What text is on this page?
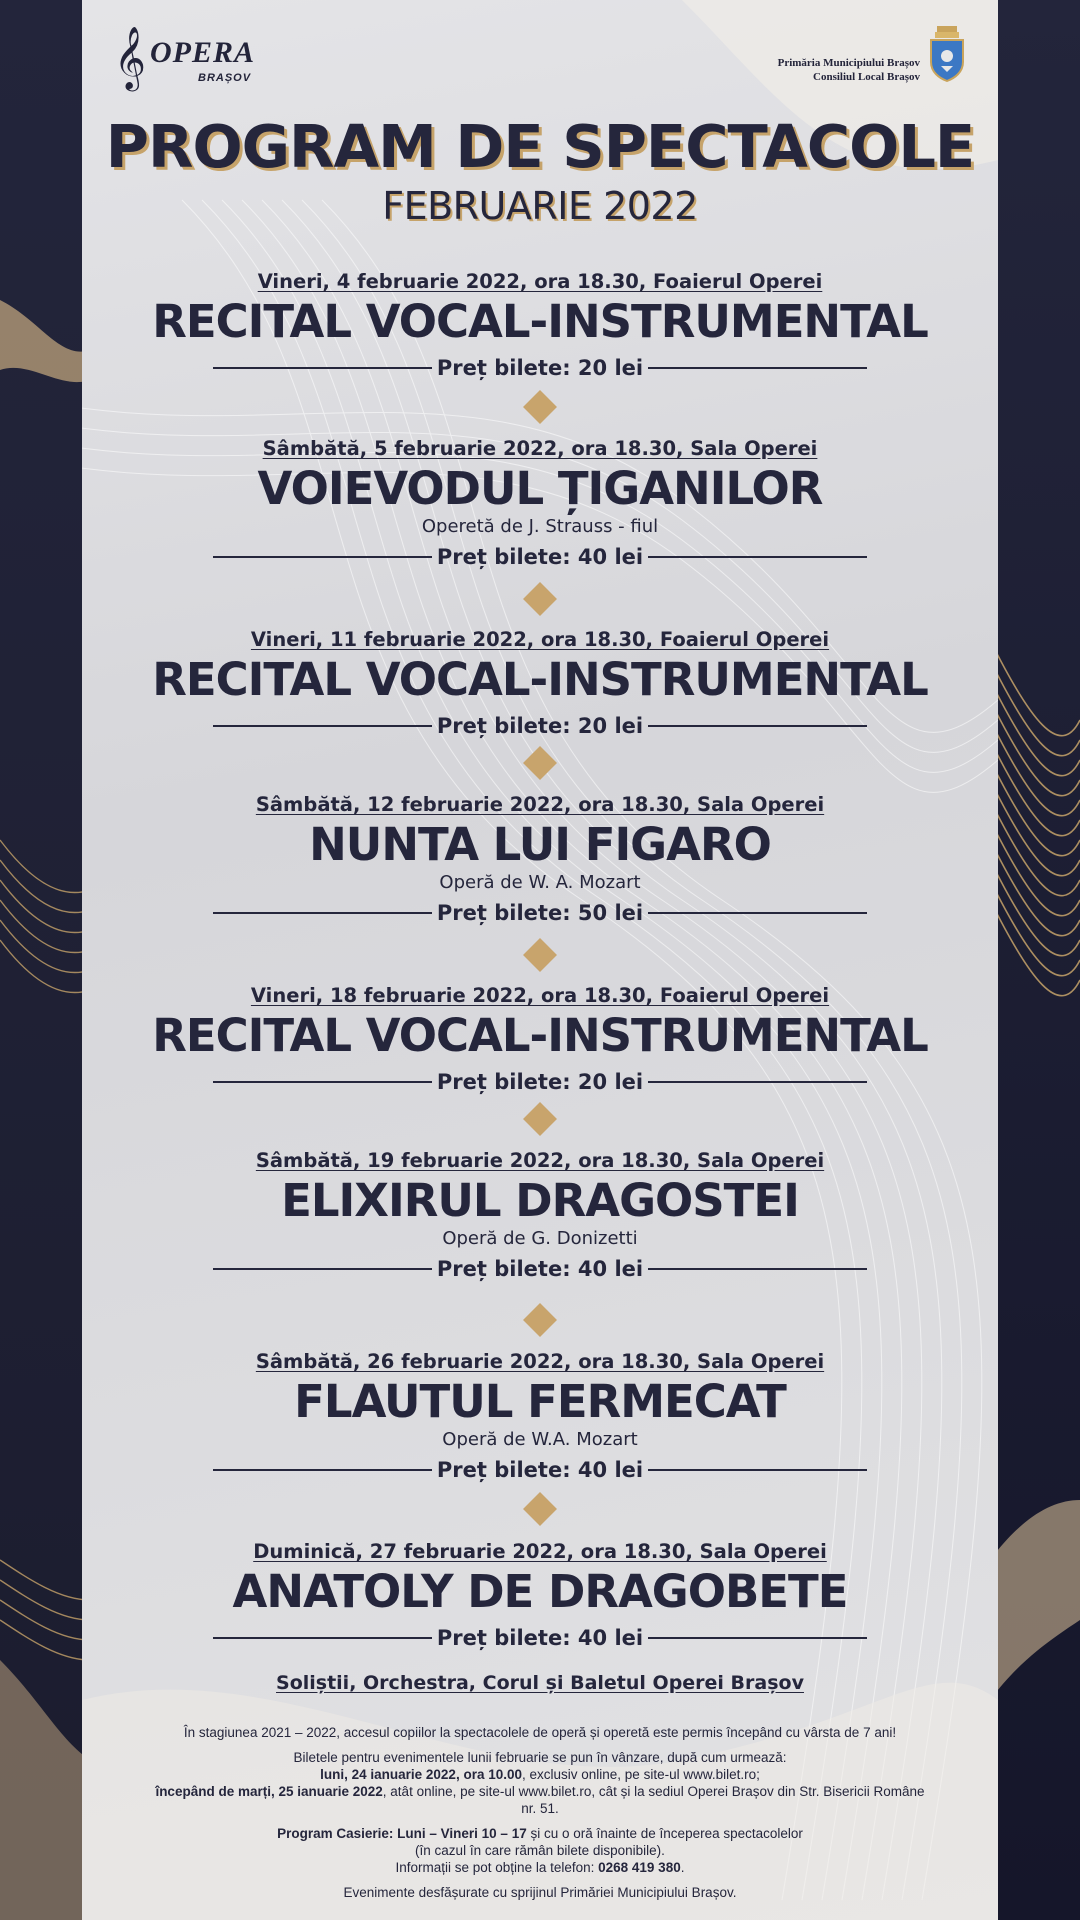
𝄞 OPERA
BRAȘOV
Primăria Municipiului Brașov
Consiliul Local Brașov
PROGRAM DE SPECTACOLE
FEBRUARIE 2022
Vineri, 4 februarie 2022, ora 18.30, Foaierul Operei
RECITAL VOCAL-INSTRUMENTAL
Preț bilete: 20 lei
Sâmbătă, 5 februarie 2022, ora 18.30, Sala Operei
VOIEVODUL ȚIGANILOR
Operetă de J. Strauss - fiul
Preț bilete: 40 lei
Vineri, 11 februarie 2022, ora 18.30, Foaierul Operei
RECITAL VOCAL-INSTRUMENTAL
Preț bilete: 20 lei
Sâmbătă, 12 februarie 2022, ora 18.30, Sala Operei
NUNTA LUI FIGARO
Operă de W. A. Mozart
Preț bilete: 50 lei
Vineri, 18 februarie 2022, ora 18.30, Foaierul Operei
RECITAL VOCAL-INSTRUMENTAL
Preț bilete: 20 lei
Sâmbătă, 19 februarie 2022, ora 18.30, Sala Operei
ELIXIRUL DRAGOSTEI
Operă de G. Donizetti
Preț bilete: 40 lei
Sâmbătă, 26 februarie 2022, ora 18.30, Sala Operei
FLAUTUL FERMECAT
Operă de W.A. Mozart
Preț bilete: 40 lei
Duminică, 27 februarie 2022, ora 18.30, Sala Operei
ANATOLY DE DRAGOBETE
Preț bilete: 40 lei
Soliștii, Orchestra, Corul și Baletul Operei Brașov
În stagiunea 2021 – 2022, accesul copiilor la spectacolele de operă și operetă este permis începând cu vârsta de 7 ani!
Biletele pentru evenimentele lunii februarie se pun în vânzare, după cum urmează:
luni, 24 ianuarie 2022, ora 10.00, exclusiv online, pe site-ul www.bilet.ro;
începând de marți, 25 ianuarie 2022, atât online, pe site-ul www.bilet.ro, cât și la sediul Operei Brașov din Str. Bisericii Române nr. 51.
Program Casierie: Luni – Vineri 10 – 17 și cu o oră înainte de începerea spectacolelor
(în cazul în care rămân bilete disponibile).
Informații se pot obține la telefon: 0268 419 380.
Evenimente desfășurate cu sprijinul Primăriei Municipiului Brașov.
